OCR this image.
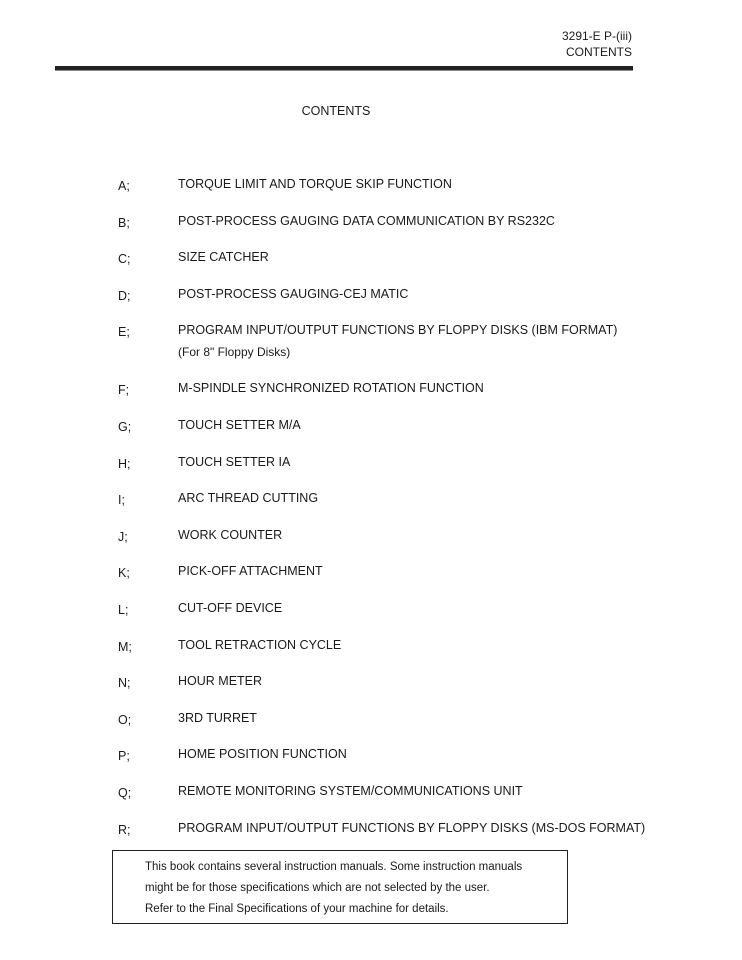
3291-E P-(iii)
CONTENTS
CONTENTS
A;	TORQUE LIMIT AND TORQUE SKIP FUNCTION
B;	POST-PROCESS GAUGING DATA COMMUNICATION BY RS232C
C;	SIZE CATCHER
D;	POST-PROCESS GAUGING-CEJ MATIC
E;	PROGRAM INPUT/OUTPUT FUNCTIONS BY FLOPPY DISKS (IBM FORMAT)
(For 8" Floppy Disks)
F;	M-SPINDLE SYNCHRONIZED ROTATION FUNCTION
G;	TOUCH SETTER M/A
H;	TOUCH SETTER IA
I;	ARC THREAD CUTTING
J;	WORK COUNTER
K;	PICK-OFF ATTACHMENT
L;	CUT-OFF DEVICE
M;	TOOL RETRACTION CYCLE
N;	HOUR METER
O;	3RD TURRET
P;	HOME POSITION FUNCTION
Q;	REMOTE MONITORING SYSTEM/COMMUNICATIONS UNIT
R;	PROGRAM INPUT/OUTPUT FUNCTIONS BY FLOPPY DISKS (MS-DOS FORMAT)
This book contains several instruction manuals. Some instruction manuals
might be for those specifications which are not selected by the user.
Refer to the Final Specifications of your machine for details.
